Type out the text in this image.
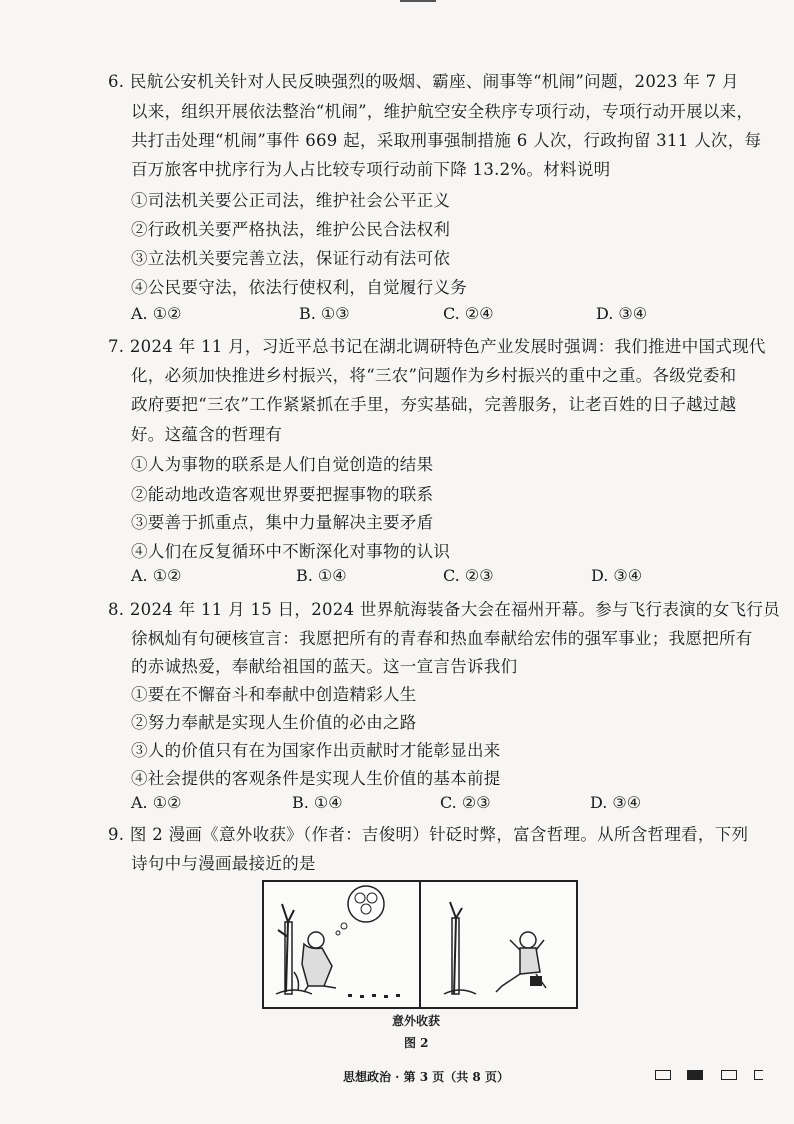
6. 民航公安机关针对人民反映强烈的吸烟、霸座、闹事等“机闹”问题，2023 年 7 月
以来，组织开展依法整治“机闹”，维护航空安全秩序专项行动，专项行动开展以来，
共打击处理“机闹”事件 669 起，采取刑事强制措施 6 人次，行政拘留 311 人次，每
百万旅客中扰序行为人占比较专项行动前下降 13.2%。材料说明
①司法机关要公正司法，维护社会公平正义
②行政机关要严格执法，维护公民合法权利
③立法机关要完善立法，保证行动有法可依
④公民要守法，依法行使权利，自觉履行义务
A. ①②	B. ①③	C. ②④	D. ③④
7. 2024 年 11 月，习近平总书记在湖北调研特色产业发展时强调：我们推进中国式现代
化，必须加快推进乡村振兴，将“三农”问题作为乡村振兴的重中之重。各级党委和
政府要把“三农”工作紧紧抓在手里，夯实基础，完善服务，让老百姓的日子越过越
好。这蕴含的哲理有
①人为事物的联系是人们自觉创造的结果
②能动地改造客观世界要把握事物的联系
③要善于抓重点，集中力量解决主要矛盾
④人们在反复循环中不断深化对事物的认识
A. ①②	B. ①④	C. ②③	D. ③④
8. 2024 年 11 月 15 日，2024 世界航海装备大会在福州开幕。参与飞行表演的女飞行员
徐枫灿有句硬核宣言：我愿把所有的青春和热血奉献给宏伟的强军事业；我愿把所有
的赤诚热爱，奉献给祖国的蓝天。这一宣言告诉我们
①要在不懈奋斗和奉献中创造精彩人生
②努力奉献是实现人生价值的必由之路
③人的价值只有在为国家作出贡献时才能彰显出来
④社会提供的客观条件是实现人生价值的基本前提
A. ①②	B. ①④	C. ②③	D. ③④
9. 图 2 漫画《意外收获》（作者：吉俊明）针砭时弊，富含哲理。从所含哲理看，下列
诗句中与漫画最接近的是
意外收获
图 2
思想政治 · 第 3 页（共 8 页）
